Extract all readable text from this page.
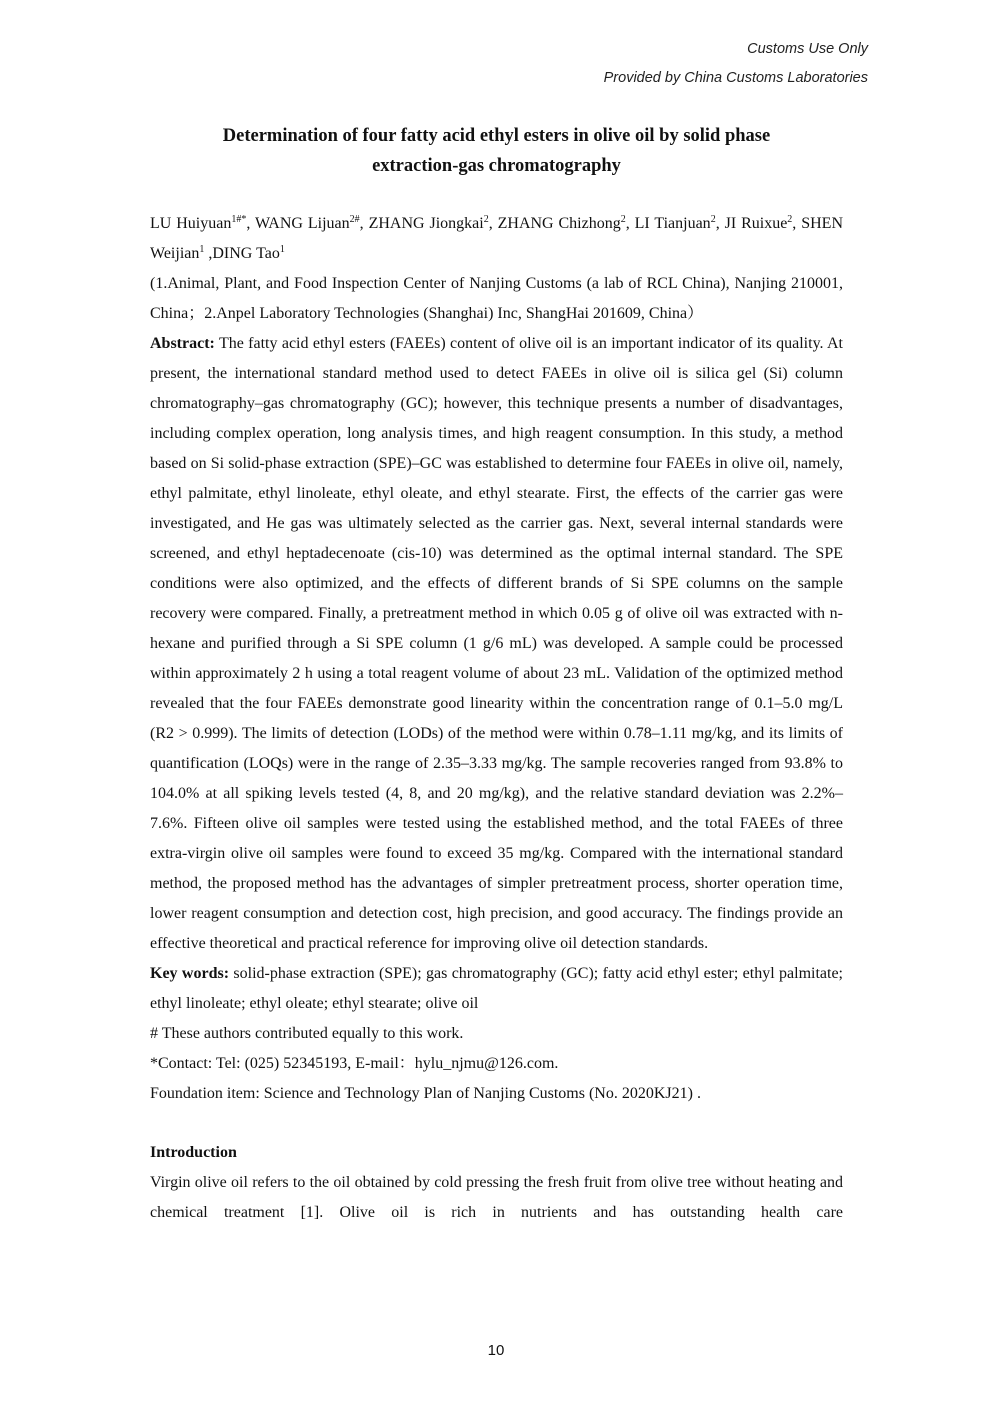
Customs Use Only
Provided by China Customs Laboratories
Determination of four fatty acid ethyl esters in olive oil by solid phase
extraction-gas chromatography

LU Huiyuan$^{1\#*}$, WANG Lijuan$^{2\#}$, ZHANG Jiongkai$^2$, ZHANG Chizhong$^2$, LI Tianjuan$^2$, JI Ruixue$^2$, SHEN Weijian$^1$ ,DING Tao$^1$

(1.Animal, Plant, and Food Inspection Center of Nanjing Customs (a lab of RCL China), Nanjing 210001, China；2.Anpel Laboratory Technologies (Shanghai) Inc, ShangHai 201609, China）

Abstract: The fatty acid ethyl esters (FAEEs) content of olive oil is an important indicator of its quality. At present, the international standard method used to detect FAEEs in olive oil is silica gel (Si) column chromatography–gas chromatography (GC); however, this technique presents a number of disadvantages, including complex operation, long analysis times, and high reagent consumption. In this study, a method based on Si solid-phase extraction (SPE)–GC was established to determine four FAEEs in olive oil, namely, ethyl palmitate, ethyl linoleate, ethyl oleate, and ethyl stearate. First, the effects of the carrier gas were investigated, and He gas was ultimately selected as the carrier gas. Next, several internal standards were screened, and ethyl heptadecenoate (cis-10) was determined as the optimal internal standard. The SPE conditions were also optimized, and the effects of different brands of Si SPE columns on the sample recovery were compared. Finally, a pretreatment method in which 0.05 g of olive oil was extracted with n-hexane and purified through a Si SPE column (1 g/6 mL) was developed. A sample could be processed within approximately 2 h using a total reagent volume of about 23 mL. Validation of the optimized method revealed that the four FAEEs demonstrate good linearity within the concentration range of 0.1–5.0 mg/L (R2 > 0.999). The limits of detection (LODs) of the method were within 0.78–1.11 mg/kg, and its limits of quantification (LOQs) were in the range of 2.35–3.33 mg/kg. The sample recoveries ranged from 93.8% to 104.0% at all spiking levels tested (4, 8, and 20 mg/kg), and the relative standard deviation was 2.2%–7.6%. Fifteen olive oil samples were tested using the established method, and the total FAEEs of three extra-virgin olive oil samples were found to exceed 35 mg/kg. Compared with the international standard method, the proposed method has the advantages of simpler pretreatment process, shorter operation time, lower reagent consumption and detection cost, high precision, and good accuracy. The findings provide an effective theoretical and practical reference for improving olive oil detection standards.

Key words: solid-phase extraction (SPE); gas chromatography (GC); fatty acid ethyl ester; ethyl palmitate; ethyl linoleate; ethyl oleate; ethyl stearate; olive oil

# These authors contributed equally to this work.

*Contact: Tel: (025) 52345193, E-mail：hylu_njmu@126.com.

Foundation item: Science and Technology Plan of Nanjing Customs (No. 2020KJ21) .

Introduction

Virgin olive oil refers to the oil obtained by cold pressing the fresh fruit from olive tree without heating and chemical treatment [1]. Olive oil is rich in nutrients and has outstanding health care

10
